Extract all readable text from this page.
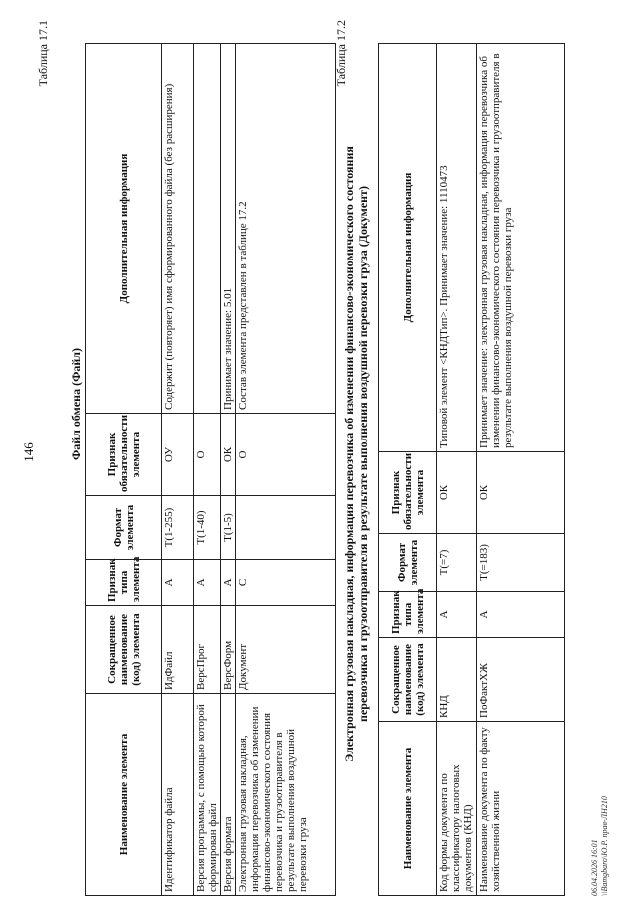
146
Таблица 17.1
Файл обмена (Файл)
Наименование элемента	Сокращенное наименование (код) элемента	Признак типа элемента	Формат элемента	Признак обязательности элемента	Дополнительная информация
Идентификатор файла	ИдФайл	А	T(1-255)	ОУ	Содержит (повторяет) имя сформированного файла (без расширения)
Версия программы, с помощью которой сформирован файл	ВерсПрог	А	T(1-40)	О	
Версия формата	ВерсФорм	А	T(1-5)	ОК	Принимает значение: 5.01
Электронная грузовая накладная, информация перевозчика об изменении финансово-экономического состояния перевозчика и грузоотправителя в результате выполнения воздушной перевозки груза	Документ	С		О	Состав элемента представлен в таблице 17.2
Таблица 17.2
Электронная грузовая накладная, информация перевозчика об изменении финансово-экономического состояния перевозчика и грузоотправителя в результате выполнения воздушной перевозки груза (Документ)
Наименование элемента	Сокращенное наименование (код) элемента	Признак типа элемента	Формат элемента	Признак обязательности элемента	Дополнительная информация
Код формы документа по классификатору налоговых документов (КНД)	КНД	А	T(=7)	ОК	Типовой элемент <КНДТип>. Принимает значение: 1110473
Наименование документа по факту хозяйственной жизни	ПоФактХЖ	А	T(=183)	ОК	Принимает значение: электронная грузовая накладная, информация перевозчика об изменении финансово-экономического состояния перевозчика и грузоотправителя в результате выполнения воздушной перевозки груза
06.04.2026 16:01 \\Bamgbaro\Ю.Р. прав-ЛН210
